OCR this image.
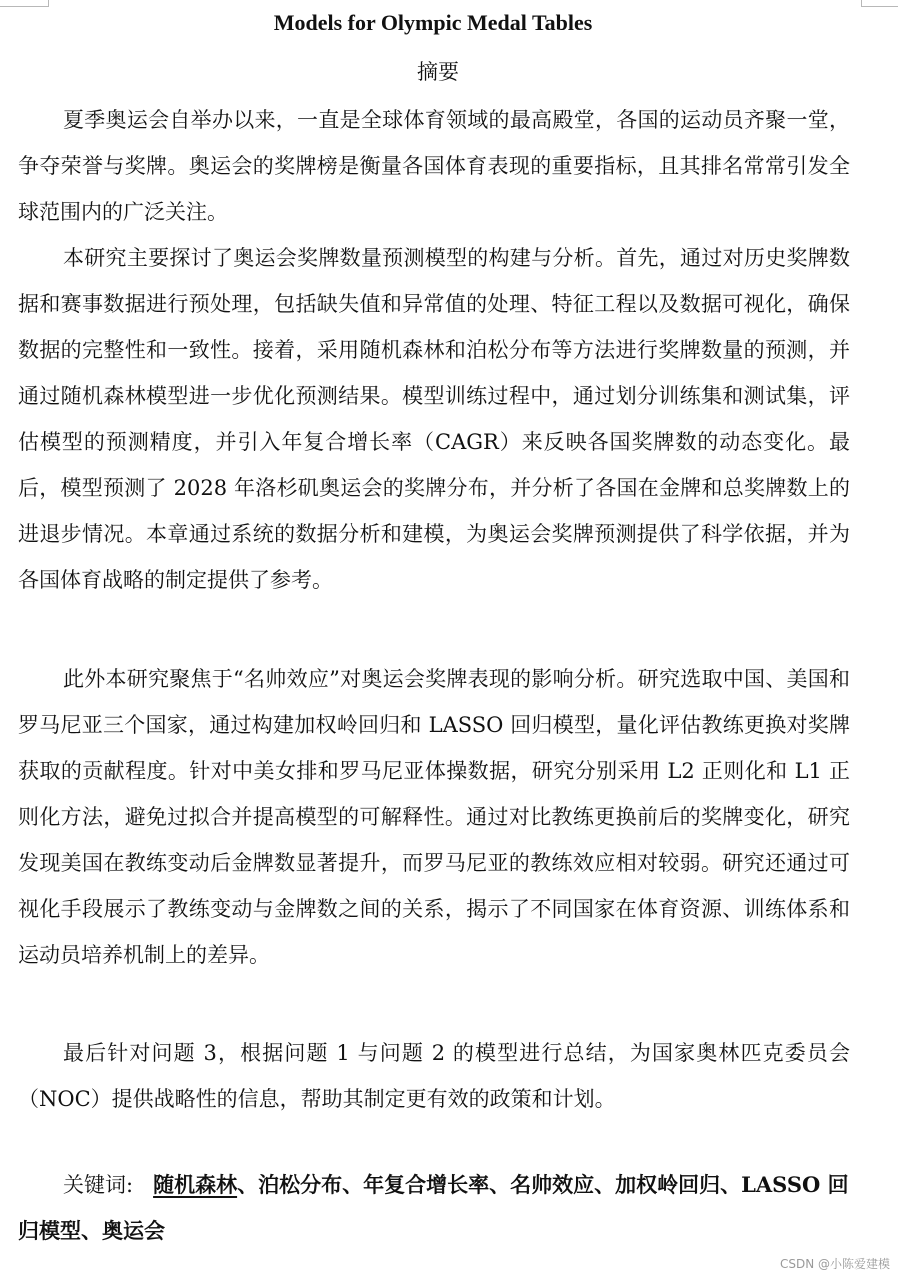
Models for Olympic Medal Tables
摘要

夏季奥运会自举办以来，一直是全球体育领域的最高殿堂，各国的运动员齐聚一堂，争夺荣誉与奖牌。奥运会的奖牌榜是衡量各国体育表现的重要指标，且其排名常常引发全球范围内的广泛关注。

本研究主要探讨了奥运会奖牌数量预测模型的构建与分析。首先，通过对历史奖牌数据和赛事数据进行预处理，包括缺失值和异常值的处理、特征工程以及数据可视化，确保数据的完整性和一致性。接着，采用随机森林和泊松分布等方法进行奖牌数量的预测，并通过随机森林模型进一步优化预测结果。模型训练过程中，通过划分训练集和测试集，评估模型的预测精度，并引入年复合增长率（CAGR）来反映各国奖牌数的动态变化。最后，模型预测了 2028 年洛杉矶奥运会的奖牌分布，并分析了各国在金牌和总奖牌数上的进退步情况。本章通过系统的数据分析和建模，为奥运会奖牌预测提供了科学依据，并为各国体育战略的制定提供了参考。

此外本研究聚焦于“名帅效应”对奥运会奖牌表现的影响分析。研究选取中国、美国和罗马尼亚三个国家，通过构建加权岭回归和 LASSO 回归模型，量化评估教练更换对奖牌获取的贡献程度。针对中美女排和罗马尼亚体操数据，研究分别采用 L2 正则化和 L1 正则化方法，避免过拟合并提高模型的可解释性。通过对比教练更换前后的奖牌变化，研究发现美国在教练变动后金牌数显著提升，而罗马尼亚的教练效应相对较弱。研究还通过可视化手段展示了教练变动与金牌数之间的关系，揭示了不同国家在体育资源、训练体系和运动员培养机制上的差异。

最后针对问题 3，根据问题 1 与问题 2 的模型进行总结，为国家奥林匹克委员会（NOC）提供战略性的信息，帮助其制定更有效的政策和计划。

关键词: 随机森林、泊松分布、年复合增长率、名帅效应、加权岭回归、LASSO 回归模型、奥运会
CSDN @小陈爱建模
